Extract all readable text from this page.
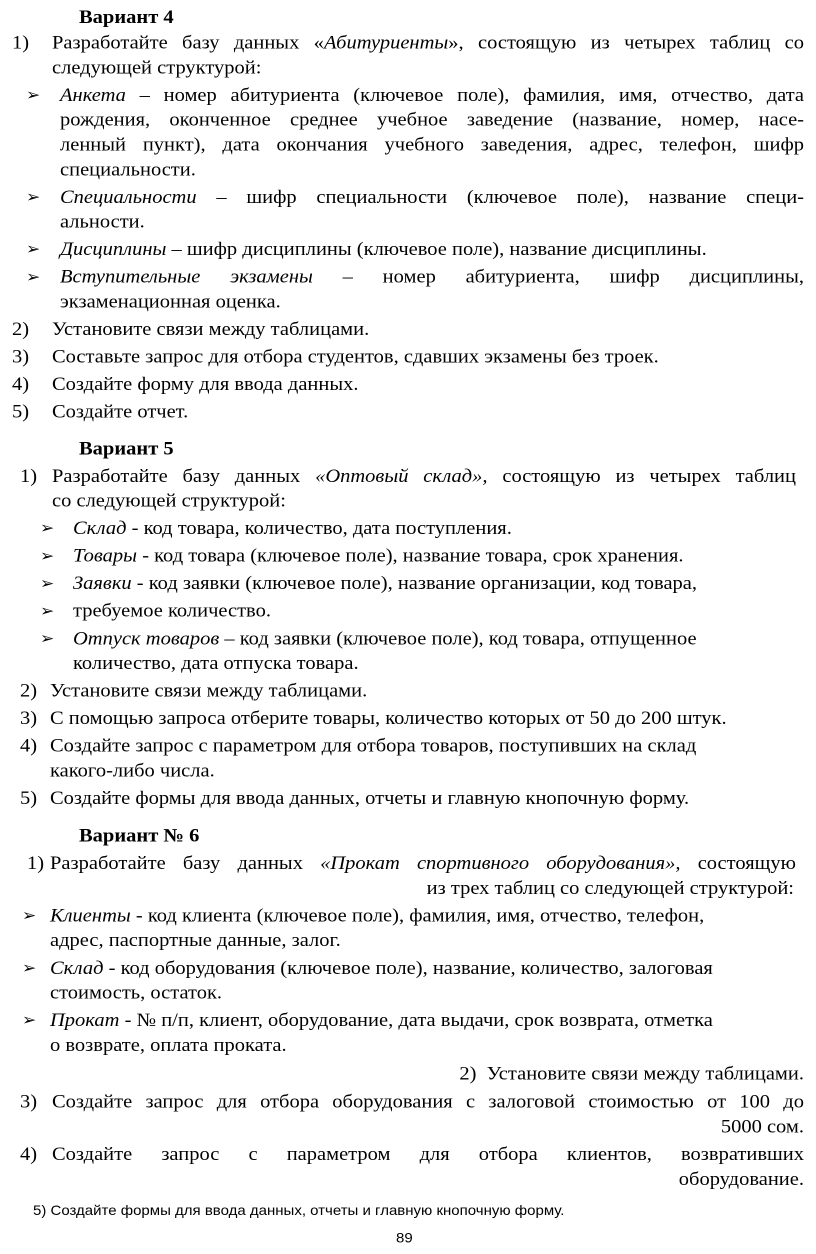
Вариант 4
1) Разработайте базу данных «Абитуриенты», состоящую из четырех таблиц со
следующей структурой:
➢ Анкета – номер абитуриента (ключевое поле), фамилия, имя, отчество, дата
рождения, оконченное среднее учебное заведение (название, номер, насе-
ленный пункт), дата окончания учебного заведения, адрес, телефон, шифр
специальности.
➢ Специальности – шифр специальности (ключевое поле), название специ-
альности.
➢ Дисциплины – шифр дисциплины (ключевое поле), название дисциплины.
➢ Вступительные экзамены – номер абитуриента, шифр дисциплины,
экзаменационная оценка.
2) Установите связи между таблицами.
3) Составьте запрос для отбора студентов, сдавших экзамены без троек.
4) Создайте форму для ввода данных.
5) Создайте отчет.
Вариант 5
1) Разработайте базу данных «Оптовый склад», состоящую из четырех таблиц
со следующей структурой:
➢ Склад - код товара, количество, дата поступления.
➢ Товары - код товара (ключевое поле), название товара, срок хранения.
➢ Заявки - код заявки (ключевое поле), название организации, код товара,
➢ требуемое количество.
➢ Отпуск товаров – код заявки (ключевое поле), код товара, отпущенное
количество, дата отпуска товара.
2) Установите связи между таблицами.
3) С помощью запроса отберите товары, количество которых от 50 до 200 штук.
4) Создайте запрос с параметром для отбора товаров, поступивших на склад
какого-либо числа.
5) Создайте формы для ввода данных, отчеты и главную кнопочную форму.
Вариант № 6
1) Разработайте базу данных «Прокат спортивного оборудования», состоящую
из трех таблиц со следующей структурой:
➢ Клиенты - код клиента (ключевое поле), фамилия, имя, отчество, телефон,
адрес, паспортные данные, залог.
➢ Склад - код оборудования (ключевое поле), название, количество, залоговая
стоимость, остаток.
➢ Прокат - № п/п, клиент, оборудование, дата выдачи, срок возврата, отметка
о возврате, оплата проката.
2) Установите связи между таблицами.
3) Создайте запрос для отбора оборудования с залоговой стоимостью от 100 до
5000 сом.
4) Создайте запрос с параметром для отбора клиентов, возвративших
оборудование.
5) Создайте формы для ввода данных, отчеты и главную кнопочную форму.
89
